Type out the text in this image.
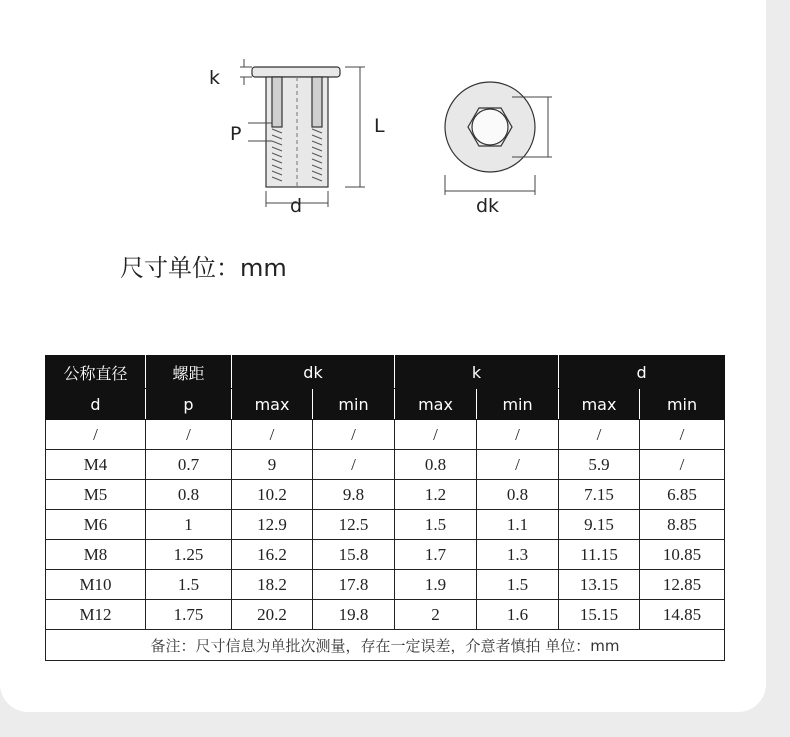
k
P	L
d	dk
尺寸单位：mm
公称直径	螺距	dk		k		d	
d	p	max	min	max	min	max	min
/	/	/	/	/	/	/	/
M4	0.7	9	/	0.8	/	5.9	/
M5	0.8	10.2	9.8	1.2	0.8	7.15	6.85
M6	1	12.9	12.5	1.5	1.1	9.15	8.85
M8	1.25	16.2	15.8	1.7	1.3	11.15	10.85
M10	1.5	18.2	17.8	1.9	1.5	13.15	12.85
M12	1.75	20.2	19.8	2	1.6	15.15	14.85
备注：尺寸信息为单批次测量，存在一定误差，介意者慎拍 单位：mm							
